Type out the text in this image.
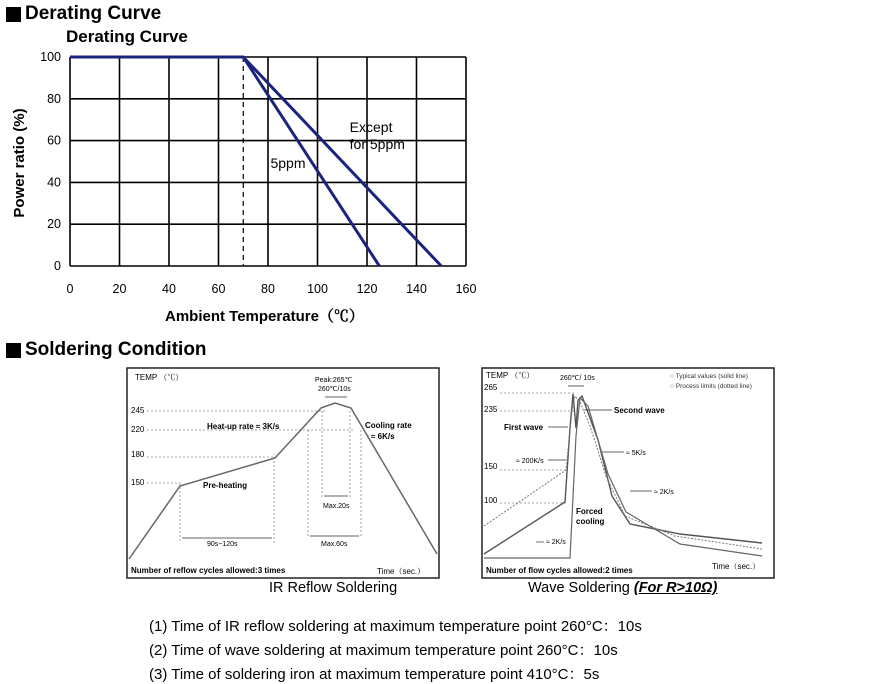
Derating Curve
Derating Curve
0	20	40	60	80	100 120 140 160
0
20
40
60
80
100
Ambient Temperature（℃）
Power ratio (%)	Except
for 5ppm
5ppm
Soldering Condition
TEMP （℃）
245
220
180
150
Peak:265℃
260℃/10s
Heat-up rate ≈ 3K/s	Cooling rate
≈ 6K/s
Pre-heating
90s~120s
Max.20s
Max.60s
Number of reflow cycles allowed:3 times	Time（sec.）
TEMP （℃）
265
235
150
100
260℃/ 10s	○ Typical values (solid line)
○ Process limits (dotted line)
Second wave
First wave
≈ 200K/s
≈ 5K/s
≈ 2K/s
Forced
cooling
≈ 2K/s
Number of flow cycles allowed:2 times	Time（sec.）
IR Reflow Soldering	Wave Soldering (For R>10Ω)
(1) Time of IR reflow soldering at maximum temperature point 260°C：10s
(2) Time of wave soldering at maximum temperature point 260°C：10s
(3) Time of soldering iron at maximum temperature point 410°C：5s
